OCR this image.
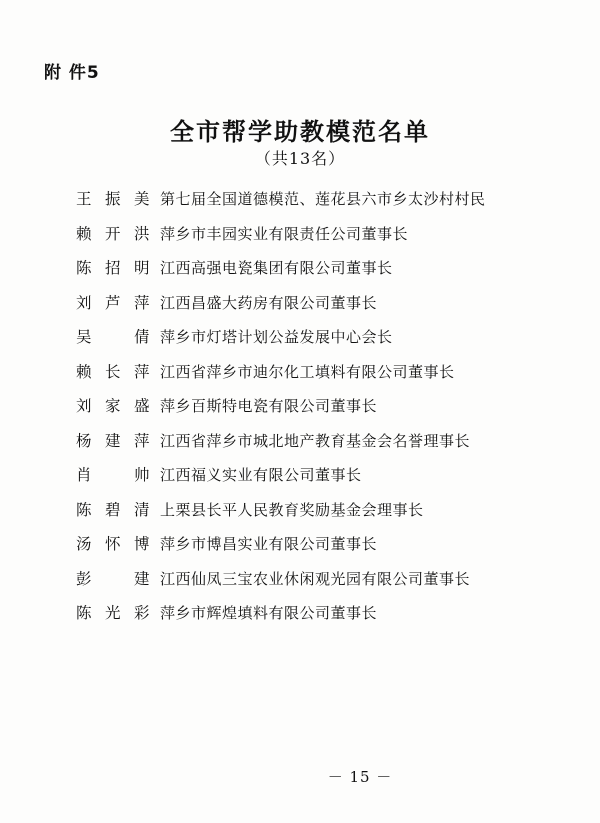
附 件5
全市帮学助教模范名单
（共13名）
王振美 第七届全国道德模范、莲花县六市乡太沙村村民
赖开洪 萍乡市丰园实业有限责任公司董事长
陈招明 江西高强电瓷集团有限公司董事长
刘芦萍 江西昌盛大药房有限公司董事长
吴 倩 萍乡市灯塔计划公益发展中心会长
赖长萍 江西省萍乡市迪尔化工填料有限公司董事长
刘家盛 萍乡百斯特电瓷有限公司董事长
杨建萍 江西省萍乡市城北地产教育基金会名誉理事长
肖 帅 江西福义实业有限公司董事长
陈碧清 上栗县长平人民教育奖励基金会理事长
汤怀博 萍乡市博昌实业有限公司董事长
彭 建 江西仙凤三宝农业休闲观光园有限公司董事长
陈光彩 萍乡市辉煌填料有限公司董事长
－ 15 －
